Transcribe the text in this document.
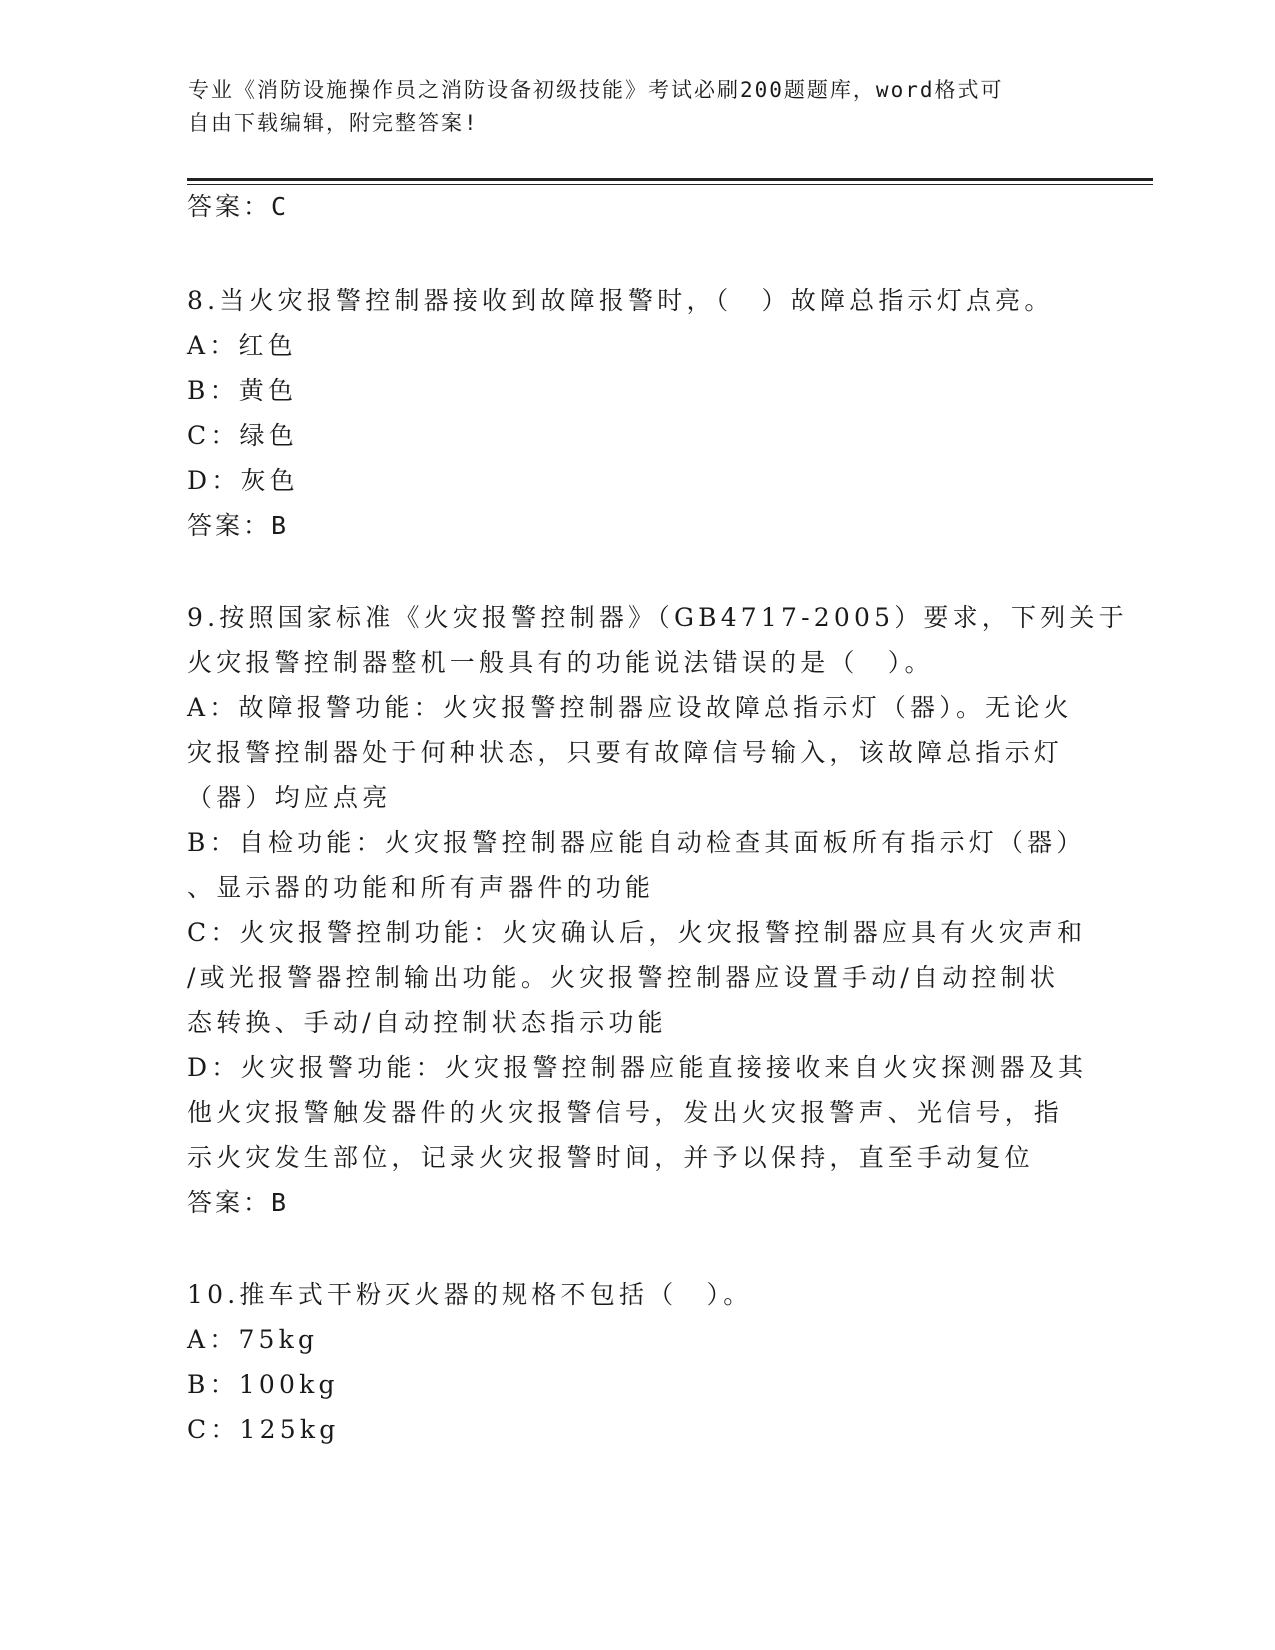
专业《消防设施操作员之消防设备初级技能》考试必刷200题题库，word格式可
自由下载编辑，附完整答案!
答案：C
8.当火灾报警控制器接收到故障报警时，（　）故障总指示灯点亮。
A：红色
B：黄色
C：绿色
D：灰色
答案：B
9.按照国家标准《火灾报警控制器》（GB4717-2005）要求，下列关于
火灾报警控制器整机一般具有的功能说法错误的是（　）。
A：故障报警功能：火灾报警控制器应设故障总指示灯（器）。无论火
灾报警控制器处于何种状态，只要有故障信号输入，该故障总指示灯
（器）均应点亮
B：自检功能：火灾报警控制器应能自动检查其面板所有指示灯（器）
、显示器的功能和所有声器件的功能
C：火灾报警控制功能：火灾确认后，火灾报警控制器应具有火灾声和
/或光报警器控制输出功能。火灾报警控制器应设置手动/自动控制状
态转换、手动/自动控制状态指示功能
D：火灾报警功能：火灾报警控制器应能直接接收来自火灾探测器及其
他火灾报警触发器件的火灾报警信号，发出火灾报警声、光信号，指
示火灾发生部位，记录火灾报警时间，并予以保持，直至手动复位
答案：B
10.推车式干粉灭火器的规格不包括（　）。
A：75kg
B：100kg
C：125kg
